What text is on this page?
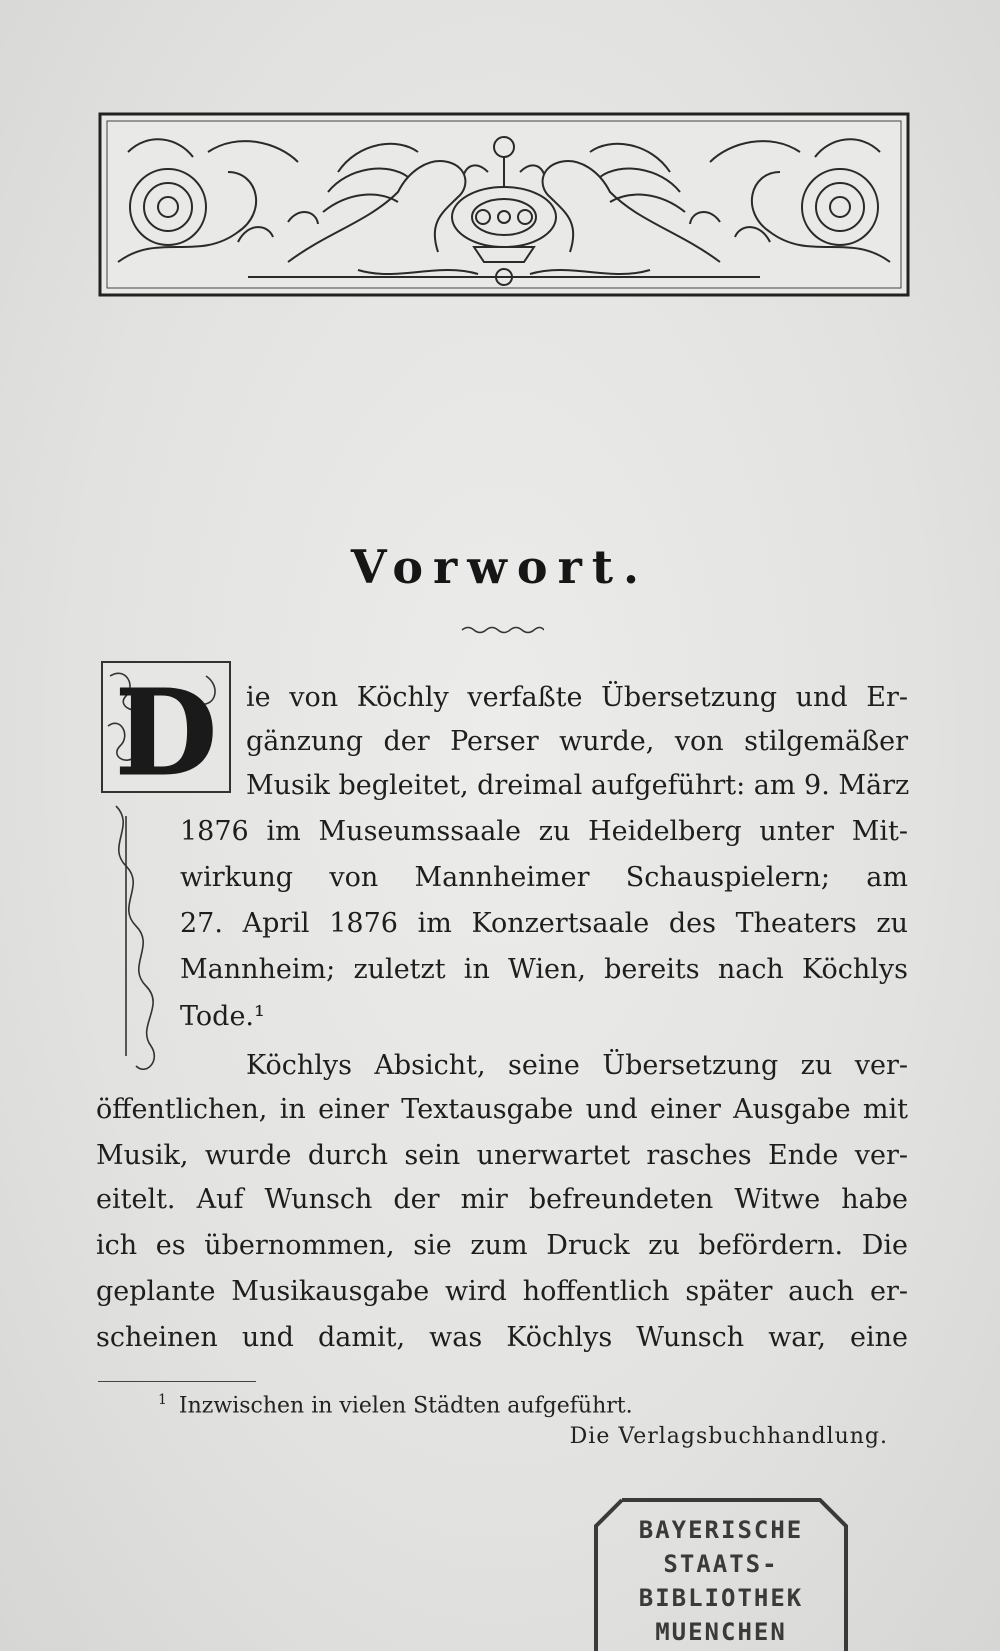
Vorwort.
D ie von Köchly verfaßte Übersetzung und Er-
gänzung der Perser wurde, von stilgemäßer
Musik begleitet, dreimal aufgeführt: am 9. März
1876 im Museumssaale zu Heidelberg unter Mit-
wirkung von Mannheimer Schauspielern; am
27. April 1876 im Konzertsaale des Theaters zu
Mannheim; zuletzt in Wien, bereits nach Köchlys
Tode.¹
Köchlys Absicht, seine Übersetzung zu ver-
öffentlichen, in einer Textausgabe und einer Ausgabe mit
Musik, wurde durch sein unerwartet rasches Ende ver-
eitelt. Auf Wunsch der mir befreundeten Witwe habe
ich es übernommen, sie zum Druck zu befördern. Die
geplante Musikausgabe wird hoffentlich später auch er-
scheinen und damit, was Köchlys Wunsch war, eine
$^1$ Inzwischen in vielen Städten aufgeführt.
Die Verlagsbuchhandlung.
BAYERISCHE
STAATS-
BIBLIOTHEK
MUENCHEN
